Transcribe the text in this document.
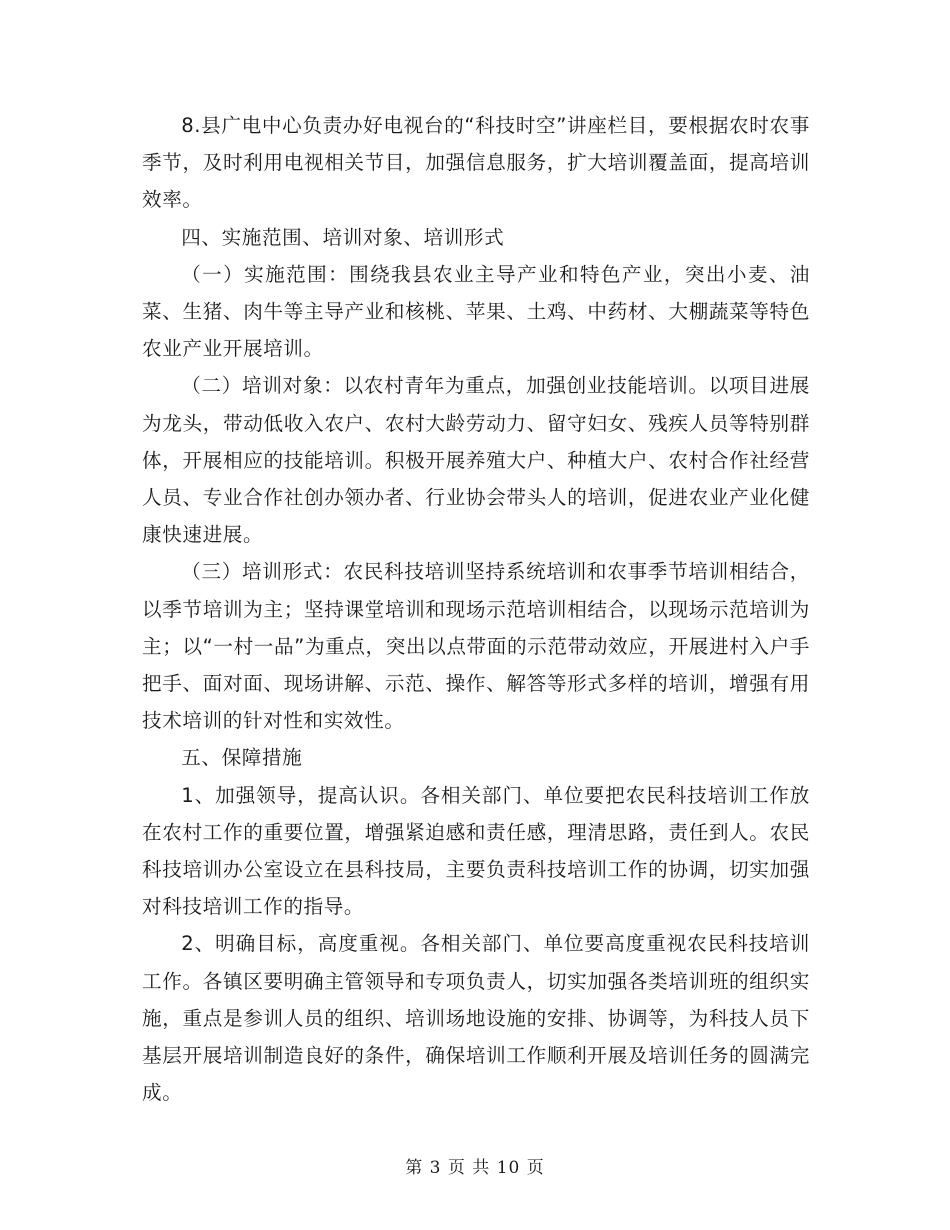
8.县广电中心负责办好电视台的“科技时空”讲座栏目，要根据农时农事季节，及时利用电视相关节目，加强信息服务，扩大培训覆盖面，提高培训效率。

四、实施范围、培训对象、培训形式

（一）实施范围：围绕我县农业主导产业和特色产业，突出小麦、油菜、生猪、肉牛等主导产业和核桃、苹果、土鸡、中药材、大棚蔬菜等特色农业产业开展培训。

（二）培训对象：以农村青年为重点，加强创业技能培训。以项目进展为龙头，带动低收入农户、农村大龄劳动力、留守妇女、残疾人员等特别群体，开展相应的技能培训。积极开展养殖大户、种植大户、农村合作社经营人员、专业合作社创办领办者、行业协会带头人的培训，促进农业产业化健康快速进展。

（三）培训形式：农民科技培训坚持系统培训和农事季节培训相结合，以季节培训为主；坚持课堂培训和现场示范培训相结合，以现场示范培训为主；以“一村一品”为重点，突出以点带面的示范带动效应，开展进村入户手把手、面对面、现场讲解、示范、操作、解答等形式多样的培训，增强有用技术培训的针对性和实效性。

五、保障措施

1、加强领导，提高认识。各相关部门、单位要把农民科技培训工作放在农村工作的重要位置，增强紧迫感和责任感，理清思路，责任到人。农民科技培训办公室设立在县科技局，主要负责科技培训工作的协调，切实加强对科技培训工作的指导。

2、明确目标，高度重视。各相关部门、单位要高度重视农民科技培训工作。各镇区要明确主管领导和专项负责人，切实加强各类培训班的组织实施，重点是参训人员的组织、培训场地设施的安排、协调等，为科技人员下基层开展培训制造良好的条件，确保培训工作顺利开展及培训任务的圆满完成。

第 3 页 共 10 页
